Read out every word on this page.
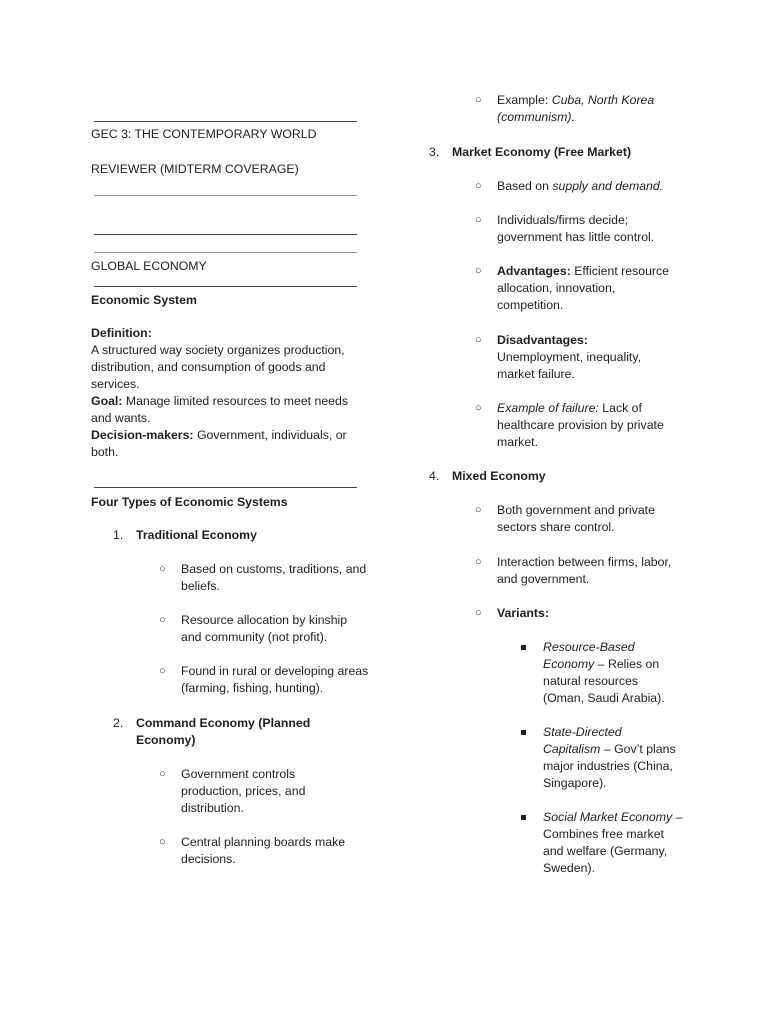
GEC 3: THE CONTEMPORARY WORLD

REVIEWER (MIDTERM COVERAGE)

GLOBAL ECONOMY

Economic System

Definition:

A structured way society organizes production, distribution, and consumption of goods and services.

Goal: Manage limited resources to meet needs and wants.

Decision-makers: Government, individuals, or both.

Four Types of Economic Systems

1. Traditional Economy

○ Based on customs, traditions, and beliefs.

○ Resource allocation by kinship and community (not profit).

○ Found in rural or developing areas (farming, fishing, hunting).

2. Command Economy (Planned Economy)

○ Government controls production, prices, and distribution.

○ Central planning boards make decisions.

○ Example: Cuba, North Korea (communism).

3. Market Economy (Free Market)

○ Based on supply and demand.

○ Individuals/firms decide; government has little control.

○ Advantages: Efficient resource allocation, innovation, competition.

○ Disadvantages:

Unemployment, inequality, market failure.

○ Example of failure: Lack of healthcare provision by private market.

4. Mixed Economy

○ Both government and private sectors share control.

○ Interaction between firms, labor, and government.

○ Variants:

Resource-Based Economy – Relies on natural resources (Oman, Saudi Arabia).

State-Directed Capitalism – Gov’t plans major industries (China, Singapore).

Social Market Economy – Combines free market and welfare (Germany, Sweden).
